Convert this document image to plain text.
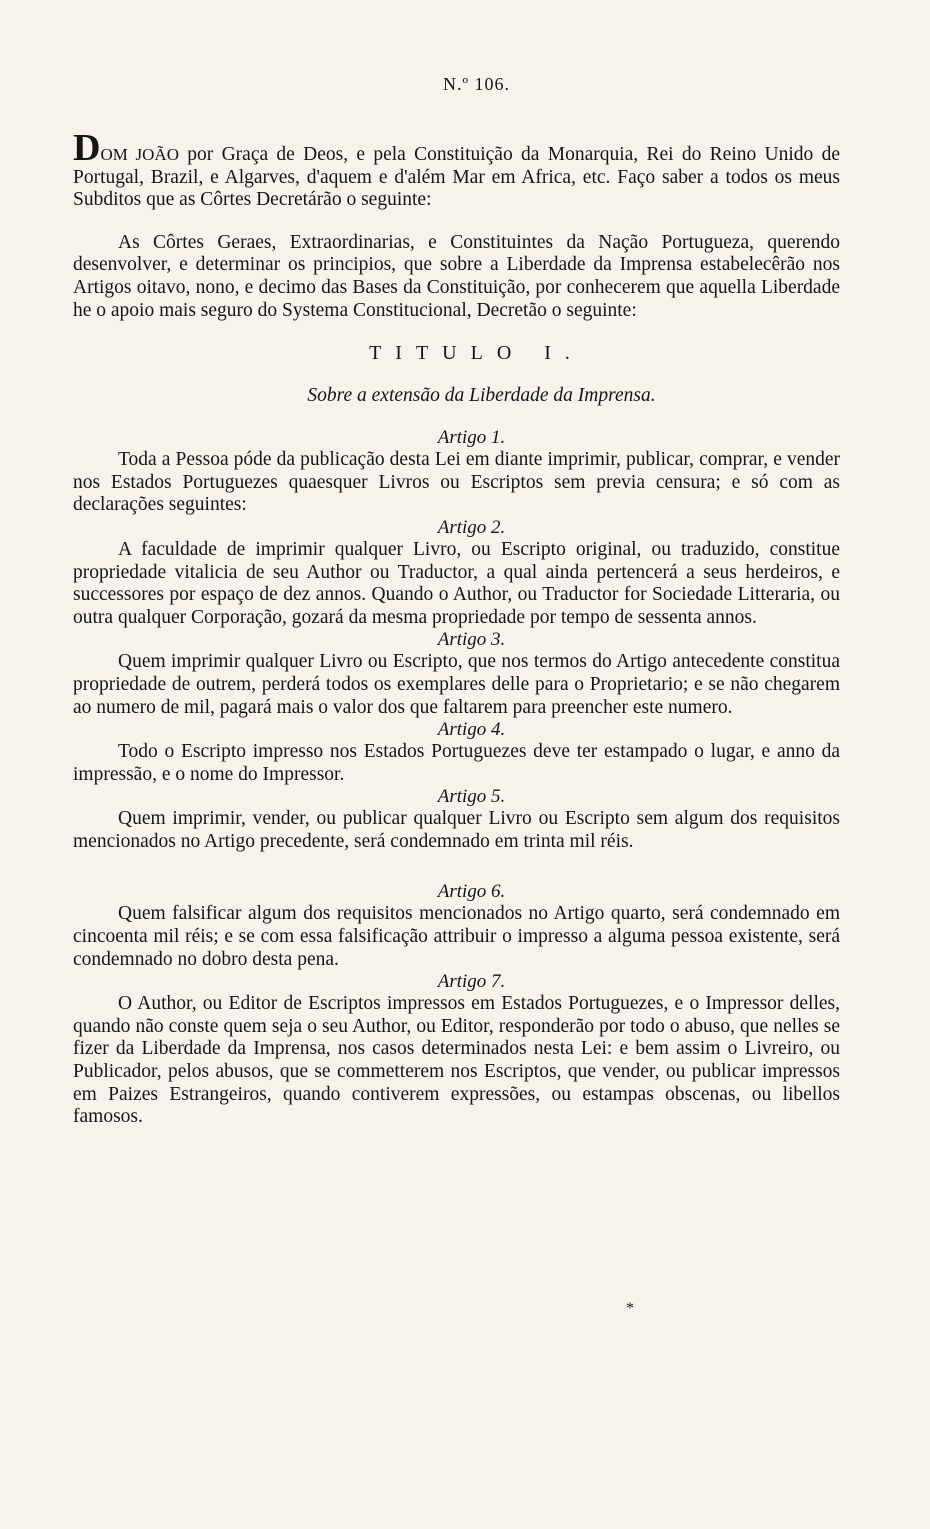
N.º 106.
DOM JOÃO por Graça de Deos, e pela Constituição da Monarquia, Rei do Reino Unido de Portugal, Brazil, e Algarves, d'aquem e d'além Mar em Africa, etc. Faço saber a todos os meus Subditos que as Côrtes Decretárão o seguinte:
As Côrtes Geraes, Extraordinarias, e Constituintes da Nação Portugueza, querendo desenvolver, e determinar os principios, que sobre a Liberdade da Imprensa estabelecêrão nos Artigos oitavo, nono, e decimo das Bases da Constituição, por conhecerem que aquella Liberdade he o apoio mais seguro do Systema Constitucional, Decretão o seguinte:
TITULO I.
Sobre a extensão da Liberdade da Imprensa.
Artigo 1.
Toda a Pessoa póde da publicação desta Lei em diante imprimir, publicar, comprar, e vender nos Estados Portuguezes quaesquer Livros ou Escriptos sem previa censura; e só com as declarações seguintes:
Artigo 2.
A faculdade de imprimir qualquer Livro, ou Escripto original, ou traduzido, constitue propriedade vitalicia de seu Author ou Traductor, a qual ainda pertencerá a seus herdeiros, e successores por espaço de dez annos. Quando o Author, ou Traductor for Sociedade Litteraria, ou outra qualquer Corporação, gozará da mesma propriedade por tempo de sessenta annos.
Artigo 3.
Quem imprimir qualquer Livro ou Escripto, que nos termos do Artigo antecedente constitua propriedade de outrem, perderá todos os exemplares delle para o Proprietario; e se não chegarem ao numero de mil, pagará mais o valor dos que faltarem para preencher este numero.
Artigo 4.
Todo o Escripto impresso nos Estados Portuguezes deve ter estampado o lugar, e anno da impressão, e o nome do Impressor.
Artigo 5.
Quem imprimir, vender, ou publicar qualquer Livro ou Escripto sem algum dos requisitos mencionados no Artigo precedente, será condemnado em trinta mil réis.
Artigo 6.
Quem falsificar algum dos requisitos mencionados no Artigo quarto, será condemnado em cincoenta mil réis; e se com essa falsificação attribuir o impresso a alguma pessoa existente, será condemnado no dobro desta pena.
Artigo 7.
O Author, ou Editor de Escriptos impressos em Estados Portuguezes, e o Impressor delles, quando não conste quem seja o seu Author, ou Editor, responderão por todo o abuso, que nelles se fizer da Liberdade da Imprensa, nos casos determinados nesta Lei: e bem assim o Livreiro, ou Publicador, pelos abusos, que se commetterem nos Escriptos, que vender, ou publicar impressos em Paizes Estrangeiros, quando contiverem expressões, ou estampas obscenas, ou libellos famosos.
*
